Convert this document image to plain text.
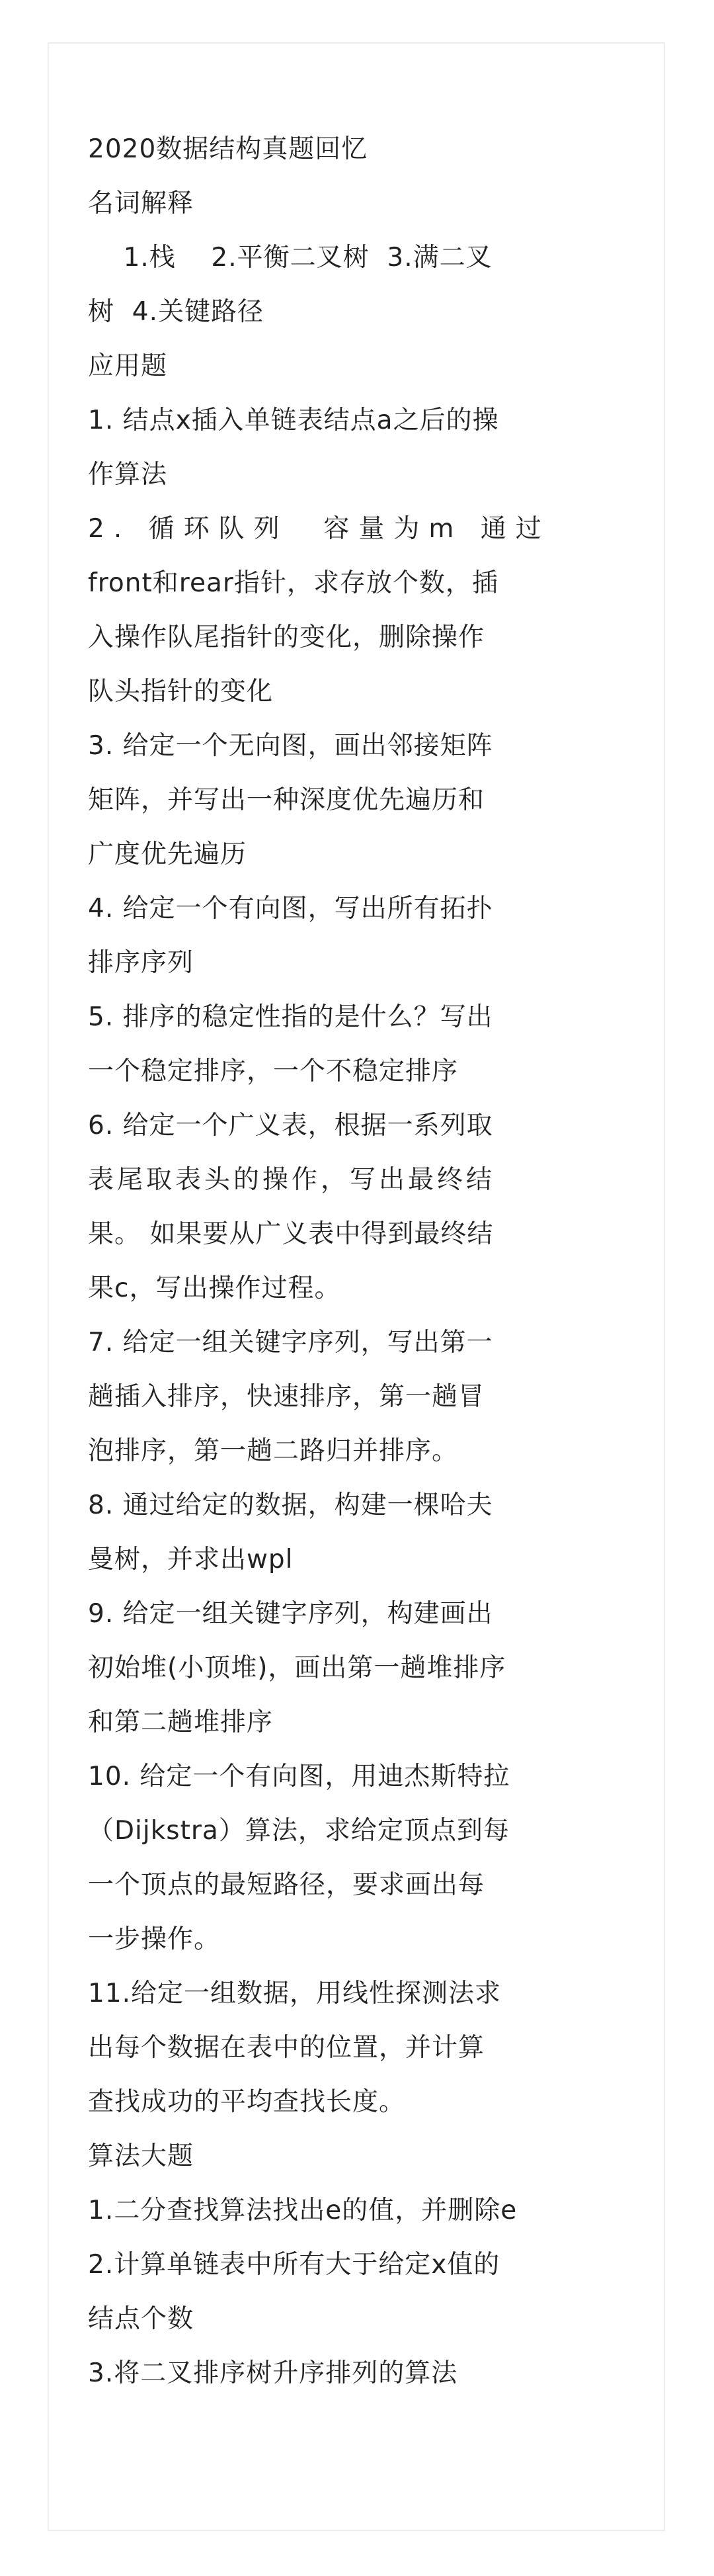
2020数据结构真题回忆
名词解释
1.栈    2.平衡二叉树  3.满二叉
树  4.关键路径
应用题
1. 结点x插入单链表结点a之后的操
作算法
2. 循环队列  容量为m 通过
front和rear指针，求存放个数，插
入操作队尾指针的变化，删除操作
队头指针的变化
3. 给定一个无向图，画出邻接矩阵
矩阵，并写出一种深度优先遍历和
广度优先遍历
4. 给定一个有向图，写出所有拓扑
排序序列
5. 排序的稳定性指的是什么？写出
一个稳定排序，一个不稳定排序
6. 给定一个广义表，根据一系列取
表尾取表头的操作，写出最终结
果。 如果要从广义表中得到最终结
果c，写出操作过程。
7. 给定一组关键字序列，写出第一
趟插入排序，快速排序，第一趟冒
泡排序，第一趟二路归并排序。
8. 通过给定的数据，构建一棵哈夫
曼树，并求出wpl
9. 给定一组关键字序列，构建画出
初始堆(小顶堆)，画出第一趟堆排序
和第二趟堆排序
10. 给定一个有向图，用迪杰斯特拉
（Dijkstra）算法，求给定顶点到每
一个顶点的最短路径，要求画出每
一步操作。
11.给定一组数据，用线性探测法求
出每个数据在表中的位置，并计算
查找成功的平均查找长度。
算法大题
1.二分查找算法找出e的值，并删除e
2.计算单链表中所有大于给定x值的
结点个数
3.将二叉排序树升序排列的算法
